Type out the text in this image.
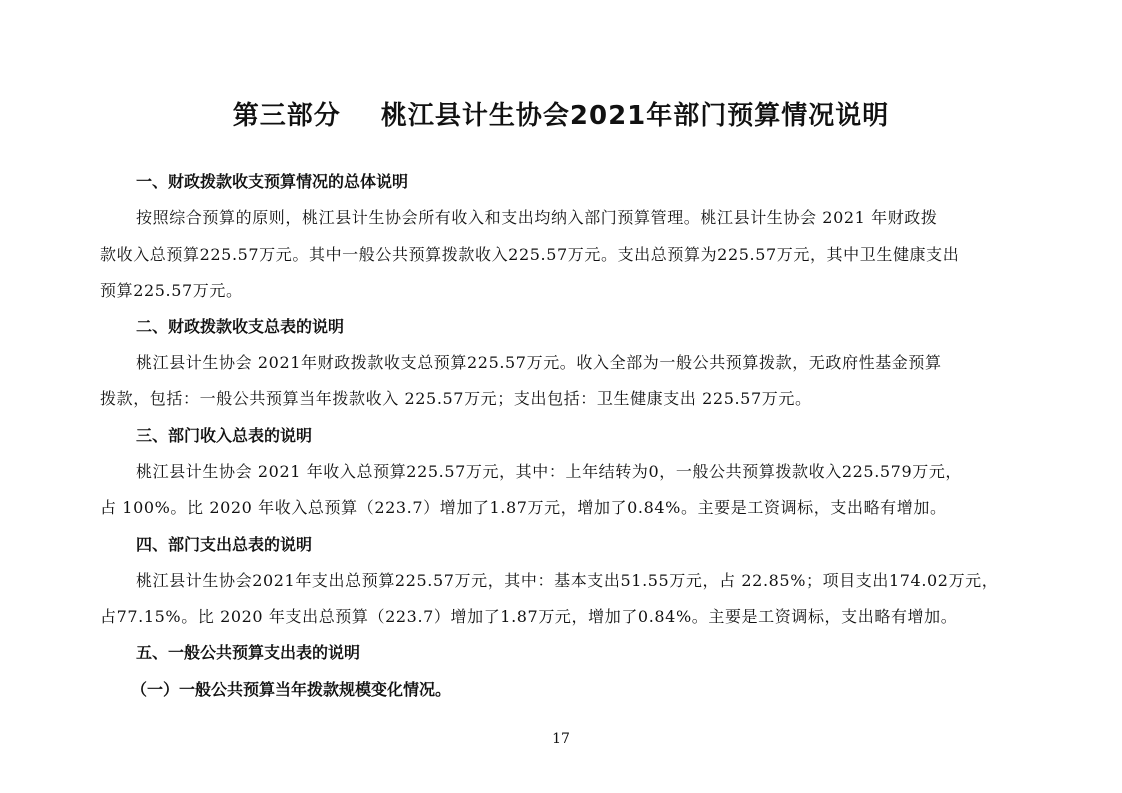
第三部分    桃江县计生协会2021年部门预算情况说明
一、财政拨款收支预算情况的总体说明
按照综合预算的原则，桃江县计生协会所有收入和支出均纳入部门预算管理。桃江县计生协会 2021 年财政拨
款收入总预算225.57万元。其中一般公共预算拨款收入225.57万元。支出总预算为225.57万元，其中卫生健康支出
预算225.57万元。
二、财政拨款收支总表的说明
桃江县计生协会 2021年财政拨款收支总预算225.57万元。收入全部为一般公共预算拨款，无政府性基金预算
拨款，包括：一般公共预算当年拨款收入 225.57万元；支出包括：卫生健康支出 225.57万元。
三、部门收入总表的说明
桃江县计生协会 2021 年收入总预算225.57万元，其中：上年结转为0，一般公共预算拨款收入225.579万元，
占 100%。比 2020 年收入总预算（223.7）增加了1.87万元，增加了0.84%。主要是工资调标，支出略有增加。
四、部门支出总表的说明
桃江县计生协会2021年支出总预算225.57万元，其中：基本支出51.55万元，占 22.85%；项目支出174.02万元，
占77.15%。比 2020 年支出总预算（223.7）增加了1.87万元，增加了0.84%。主要是工资调标，支出略有增加。
五、一般公共预算支出表的说明
（一）一般公共预算当年拨款规模变化情况。
17
